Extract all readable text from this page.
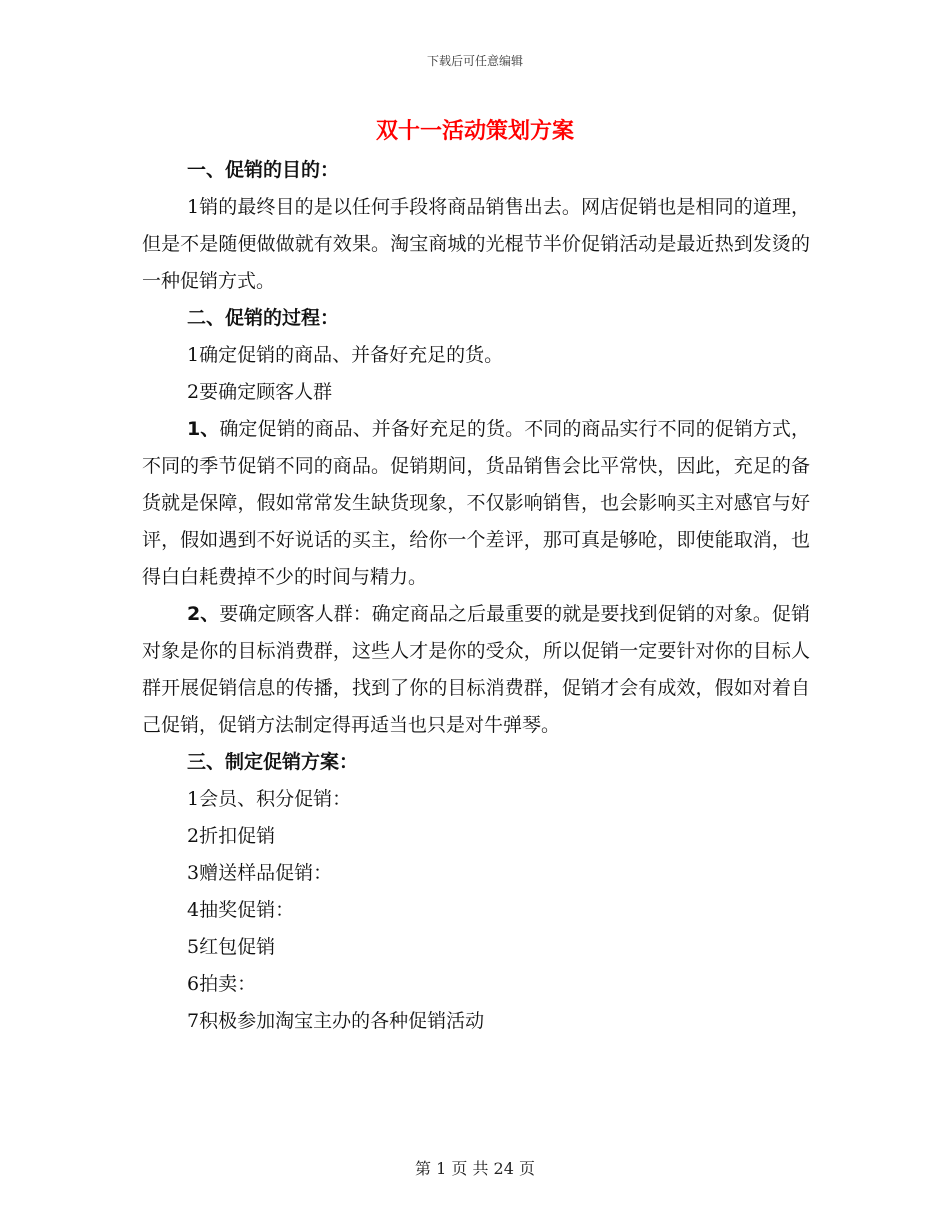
下载后可任意编辑
双十一活动策划方案
一、促销的目的：
1销的最终目的是以任何手段将商品销售出去。网店促销也是相同的道理，但是不是随便做做就有效果。淘宝商城的光棍节半价促销活动是最近热到发烫的一种促销方式。
二、促销的过程：
1确定促销的商品、并备好充足的货。
2要确定顾客人群
1、确定促销的商品、并备好充足的货。不同的商品实行不同的促销方式，不同的季节促销不同的商品。促销期间，货品销售会比平常快，因此，充足的备货就是保障，假如常常发生缺货现象，不仅影响销售，也会影响买主对感官与好评，假如遇到不好说话的买主，给你一个差评，那可真是够呛，即使能取消，也得白白耗费掉不少的时间与精力。
2、要确定顾客人群：确定商品之后最重要的就是要找到促销的对象。促销对象是你的目标消费群，这些人才是你的受众，所以促销一定要针对你的目标人群开展促销信息的传播，找到了你的目标消费群，促销才会有成效，假如对着自己促销，促销方法制定得再适当也只是对牛弹琴。
三、制定促销方案：
1会员、积分促销：
2折扣促销
3赠送样品促销：
4抽奖促销：
5红包促销
6拍卖：
7积极参加淘宝主办的各种促销活动
第 1 页 共 24 页
